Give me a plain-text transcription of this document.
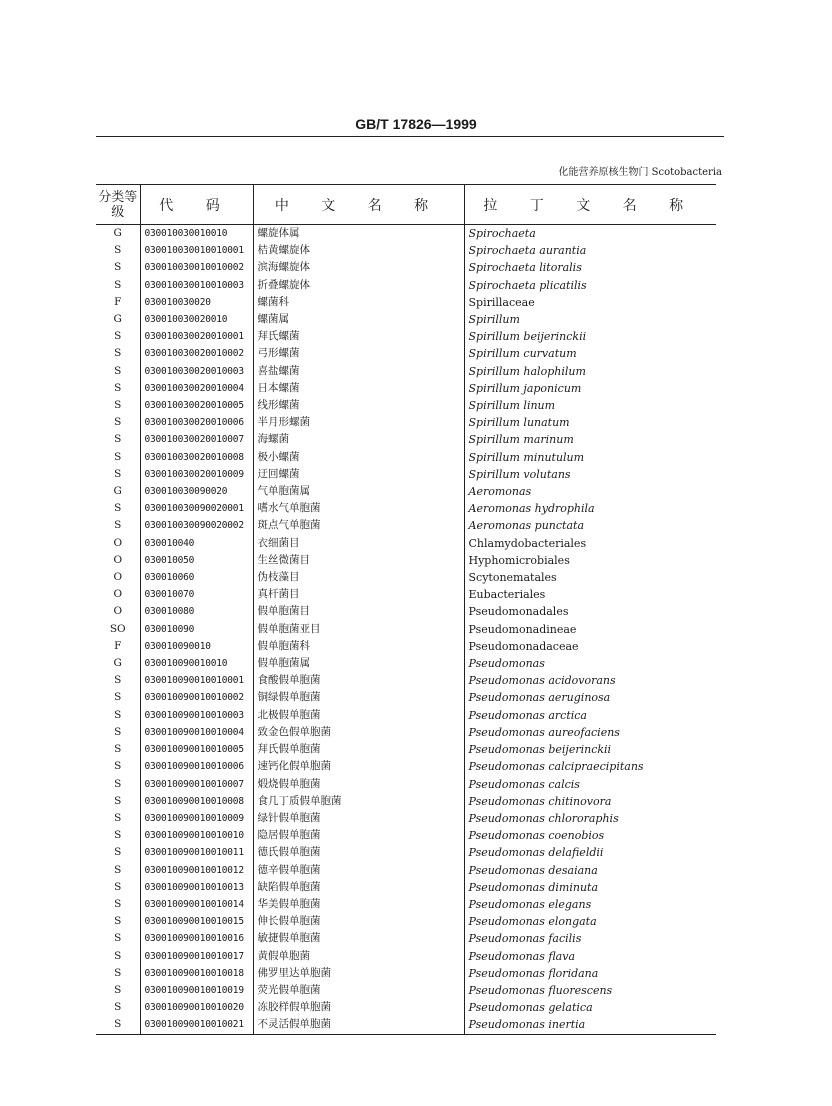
GB/T 17826—1999
化能营养原核生物门 Scotobacteria
分类等级	代 码	中 文 名 称	拉 丁 文 名 称
G	030010030010010	螺旋体属	Spirochaeta
S	030010030010010001	桔黄螺旋体	Spirochaeta aurantia
S	030010030010010002	滨海螺旋体	Spirochaeta litoralis
S	030010030010010003	折叠螺旋体	Spirochaeta plicatilis
F	030010030020	螺菌科	Spirillaceae
G	030010030020010	螺菌属	Spirillum
S	030010030020010001	拜氏螺菌	Spirillum beijerinckii
S	030010030020010002	弓形螺菌	Spirillum curvatum
S	030010030020010003	喜盐螺菌	Spirillum halophilum
S	030010030020010004	日本螺菌	Spirillum japonicum
S	030010030020010005	线形螺菌	Spirillum linum
S	030010030020010006	半月形螺菌	Spirillum lunatum
S	030010030020010007	海螺菌	Spirillum marinum
S	030010030020010008	极小螺菌	Spirillum minutulum
S	030010030020010009	迂回螺菌	Spirillum volutans
G	030010030090020	气单胞菌属	Aeromonas
S	030010030090020001	嗜水气单胞菌	Aeromonas hydrophila
S	030010030090020002	斑点气单胞菌	Aeromonas punctata
O	030010040	衣细菌目	Chlamydobacteriales
O	030010050	生丝微菌目	Hyphomicrobiales
O	030010060	伪枝藻目	Scytonematales
O	030010070	真杆菌目	Eubacteriales
O	030010080	假单胞菌目	Pseudomonadales
SO	030010090	假单胞菌亚目	Pseudomonadineae
F	030010090010	假单胞菌科	Pseudomonadaceae
G	030010090010010	假单胞菌属	Pseudomonas
S	030010090010010001	食酸假单胞菌	Pseudomonas acidovorans
S	030010090010010002	铜绿假单胞菌	Pseudomonas aeruginosa
S	030010090010010003	北极假单胞菌	Pseudomonas arctica
S	030010090010010004	致金色假单胞菌	Pseudomonas aureofaciens
S	030010090010010005	拜氏假单胞菌	Pseudomonas beijerinckii
S	030010090010010006	速钙化假单胞菌	Pseudomonas calcipraecipitans
S	030010090010010007	煅烧假单胞菌	Pseudomonas calcis
S	030010090010010008	食几丁质假单胞菌	Pseudomonas chitinovora
S	030010090010010009	绿针假单胞菌	Pseudomonas chlororaphis
S	030010090010010010	隐居假单胞菌	Pseudomonas coenobios
S	030010090010010011	德氏假单胞菌	Pseudomonas delafieldii
S	030010090010010012	德辛假单胞菌	Pseudomonas desaiana
S	030010090010010013	缺陷假单胞菌	Pseudomonas diminuta
S	030010090010010014	华美假单胞菌	Pseudomonas elegans
S	030010090010010015	伸长假单胞菌	Pseudomonas elongata
S	030010090010010016	敏捷假单胞菌	Pseudomonas facilis
S	030010090010010017	黄假单胞菌	Pseudomonas flava
S	030010090010010018	佛罗里达单胞菌	Pseudomonas floridana
S	030010090010010019	荧光假单胞菌	Pseudomonas fluorescens
S	030010090010010020	冻胶样假单胞菌	Pseudomonas gelatica
S	030010090010010021	不灵活假单胞菌	Pseudomonas inertia
